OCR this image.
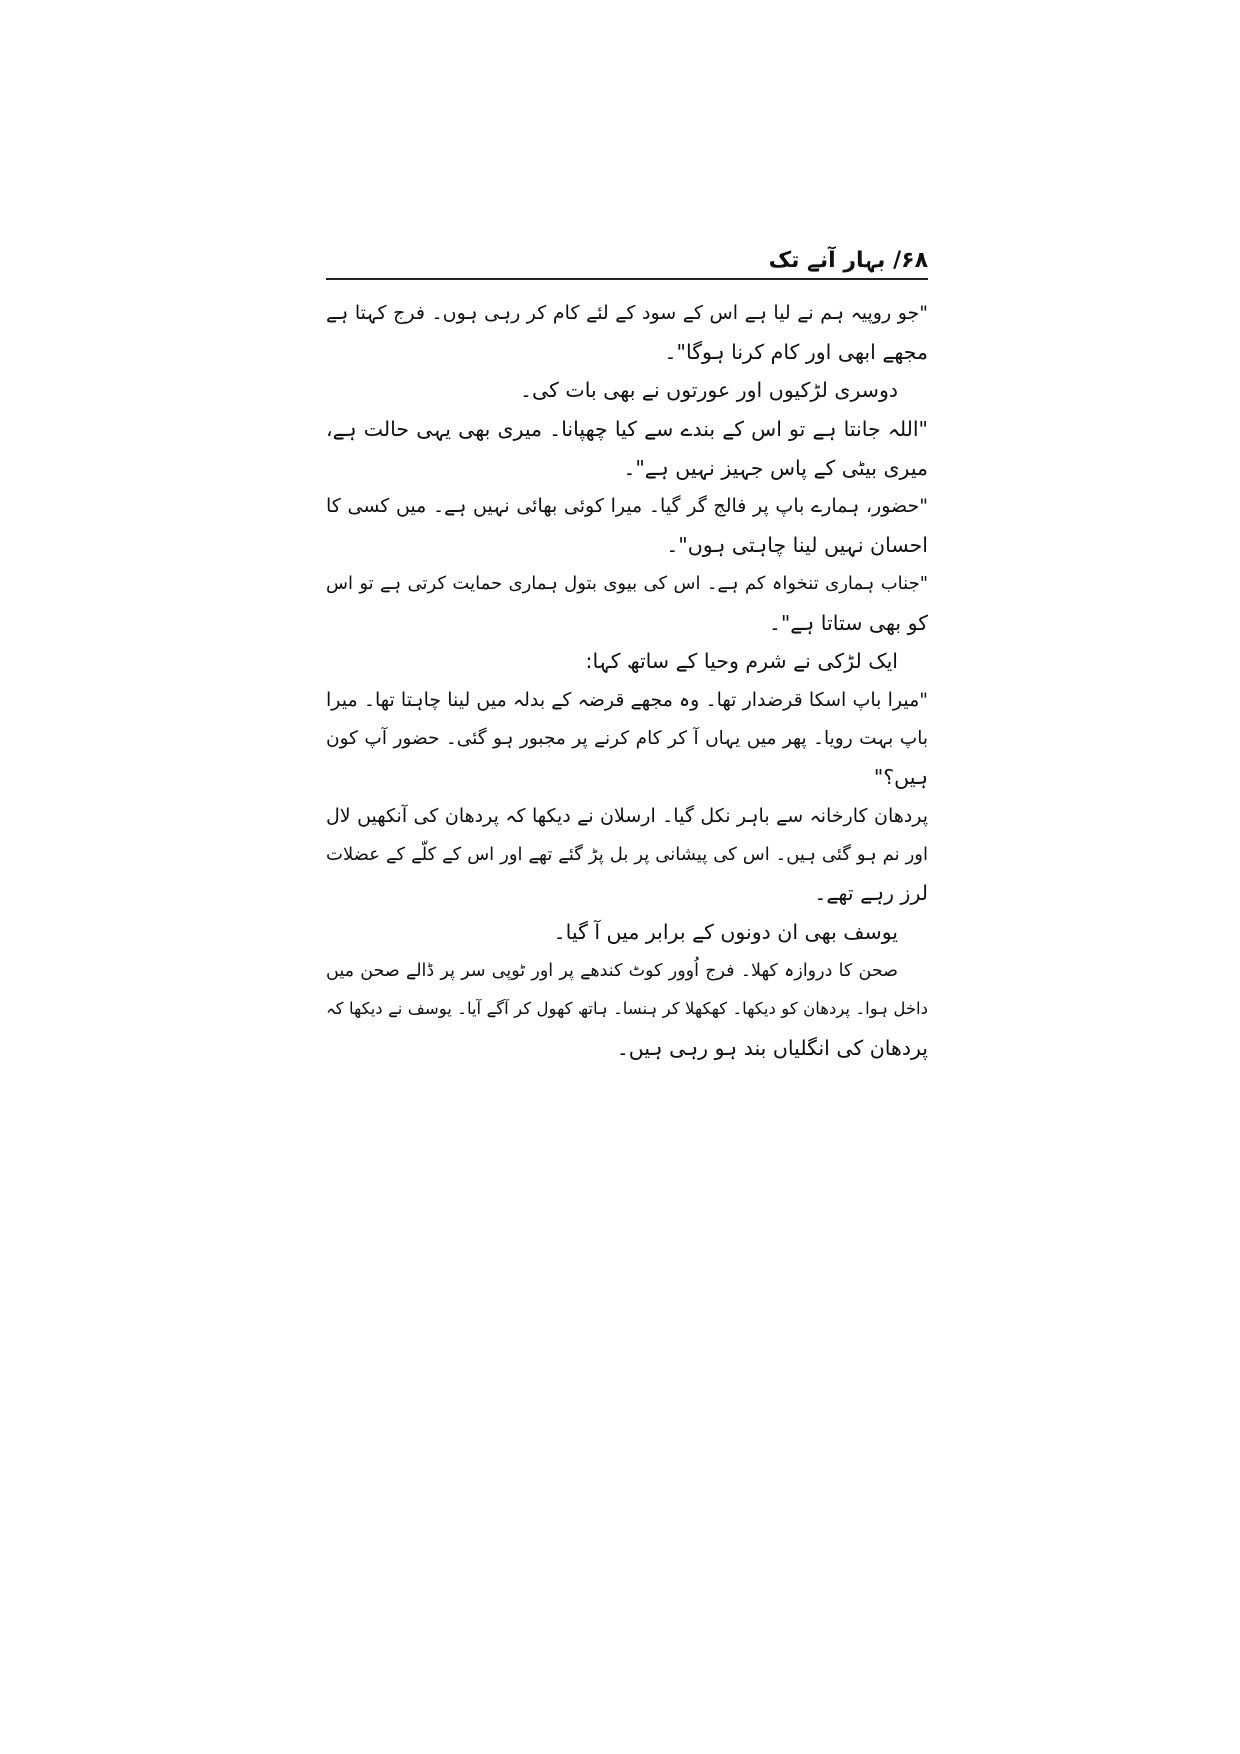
۶۸/ بہار آنے تک
"جو روپیہ ہم نے لیا ہے اس کے سود کے لئے کام کر رہی ہوں۔ فرج کہتا ہے
مجھے ابھی اور کام کرنا ہوگا"۔
دوسری لڑکیوں اور عورتوں نے بھی بات کی۔
"اللہ جانتا ہے تو اس کے بندے سے کیا چھپانا۔ میری بھی یہی حالت ہے،
میری بیٹی کے پاس جہیز نہیں ہے"۔
"حضور، ہمارے باپ پر فالج گر گیا۔ میرا کوئی بھائی نہیں ہے۔ میں کسی کا
احسان نہیں لینا چاہتی ہوں"۔
"جناب ہماری تنخواہ کم ہے۔ اس کی بیوی بتول ہماری حمایت کرتی ہے تو اس
کو بھی ستاتا ہے"۔
ایک لڑکی نے شرم وحیا کے ساتھ کہا:
"میرا باپ اسکا قرضدار تھا۔ وہ مجھے قرضہ کے بدلہ میں لینا چاہتا تھا۔ میرا
باپ بہت رویا۔ پھر میں یہاں آ کر کام کرنے پر مجبور ہو گئی۔ حضور آپ کون
ہیں؟"
پردھان کارخانہ سے باہر نکل گیا۔ ارسلان نے دیکھا کہ پردھان کی آنکھیں لال
اور نم ہو گئی ہیں۔ اس کی پیشانی پر بل پڑ گئے تھے اور اس کے کلّے کے عضلات
لرز رہے تھے۔
یوسف بھی ان دونوں کے برابر میں آ گیا۔
صحن کا دروازہ کھلا۔ فرج اُوور کوٹ کندھے پر اور ٹوپی سر پر ڈالے صحن میں
داخل ہوا۔ پردھان کو دیکھا۔ کھکھلا کر ہنسا۔ ہاتھ کھول کر آگے آیا۔ یوسف نے دیکھا کہ
پردھان کی انگلیاں بند ہو رہی ہیں۔
